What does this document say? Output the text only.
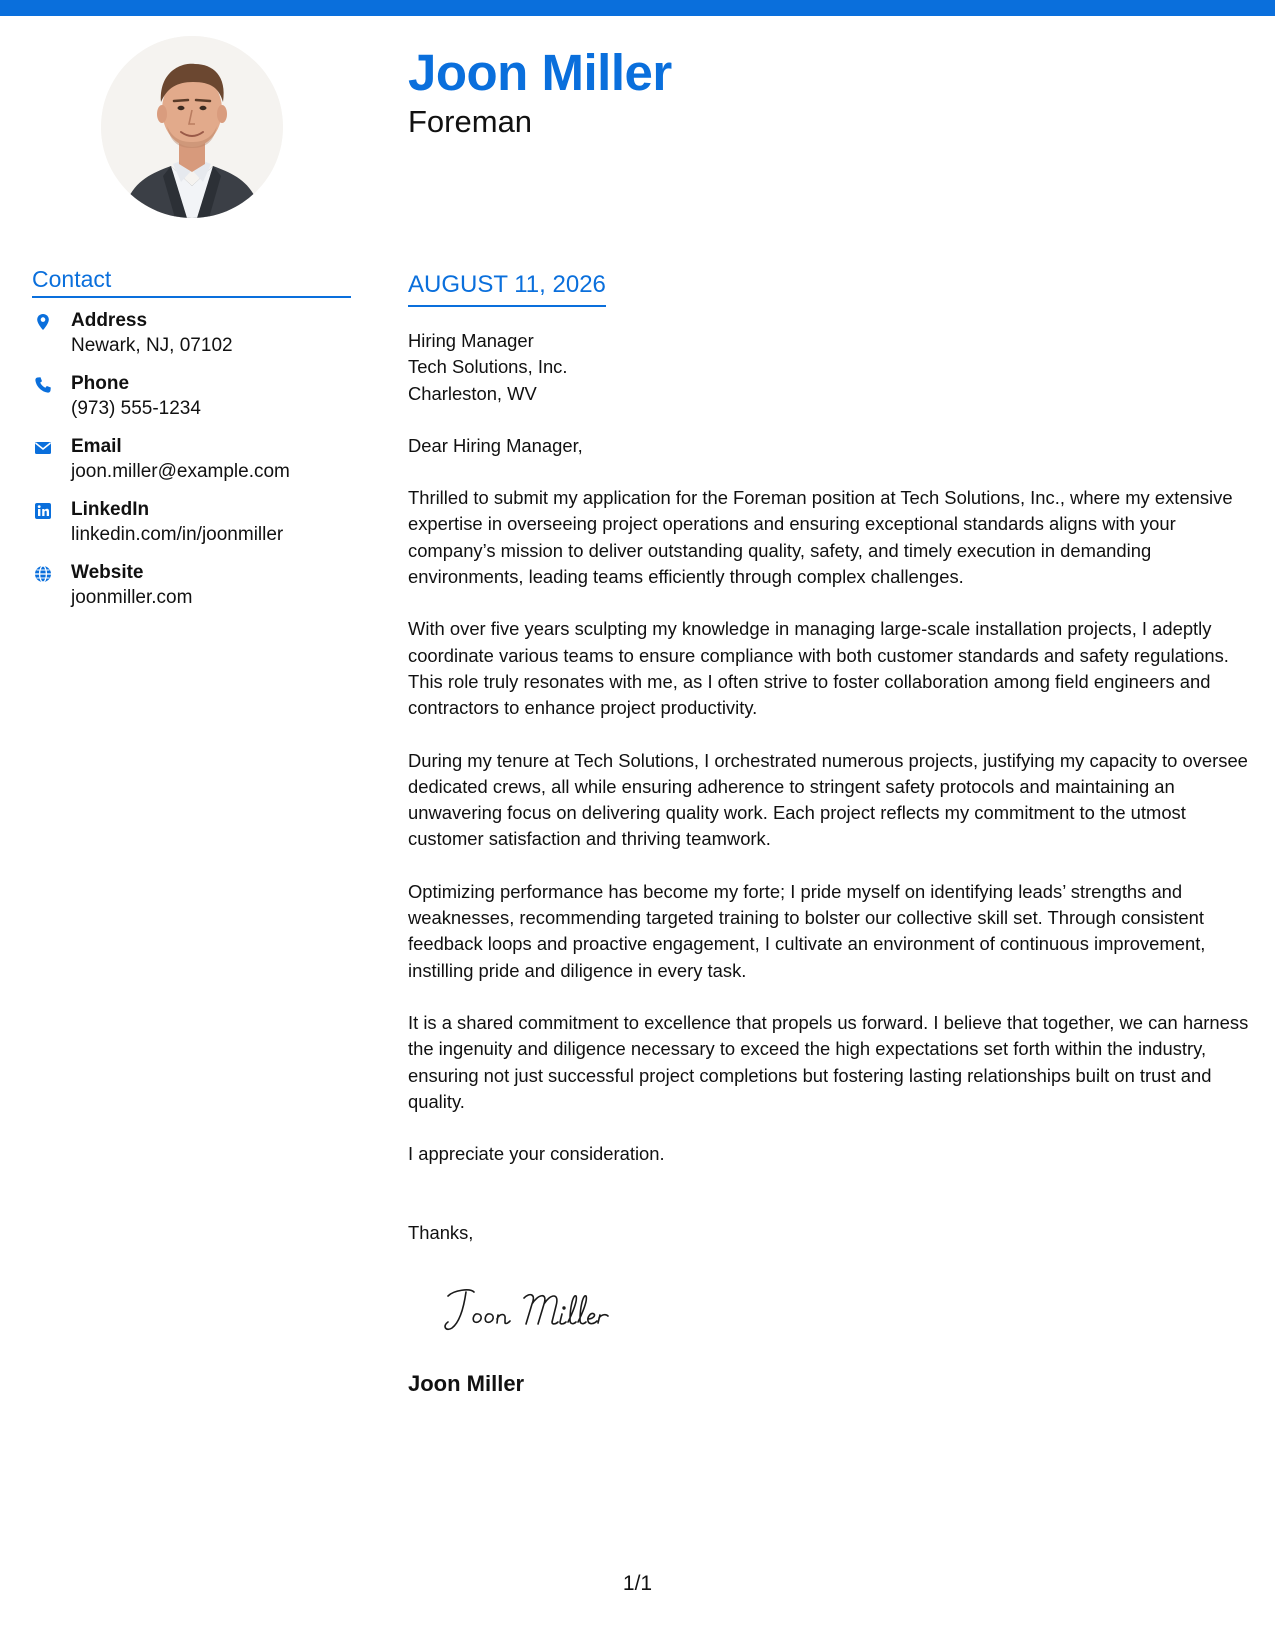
Joon Miller
Foreman
Contact
Address
Newark, NJ, 07102
Phone
(973) 555-1234
Email
joon.miller@example.com
LinkedIn
linkedin.com/in/joonmiller
Website
joonmiller.com
AUGUST 11, 2026
Hiring Manager
Tech Solutions, Inc.
Charleston, WV

Dear Hiring Manager,

Thrilled to submit my application for the Foreman position at Tech Solutions, Inc., where my extensive expertise in overseeing project operations and ensuring exceptional standards aligns with your company’s mission to deliver outstanding quality, safety, and timely execution in demanding environments, leading teams efficiently through complex challenges.

With over five years sculpting my knowledge in managing large-scale installation projects, I adeptly coordinate various teams to ensure compliance with both customer standards and safety regulations. This role truly resonates with me, as I often strive to foster collaboration among field engineers and contractors to enhance project productivity.

During my tenure at Tech Solutions, I orchestrated numerous projects, justifying my capacity to oversee dedicated crews, all while ensuring adherence to stringent safety protocols and maintaining an unwavering focus on delivering quality work. Each project reflects my commitment to the utmost customer satisfaction and thriving teamwork.

Optimizing performance has become my forte; I pride myself on identifying leads’ strengths and weaknesses, recommending targeted training to bolster our collective skill set. Through consistent feedback loops and proactive engagement, I cultivate an environment of continuous improvement, instilling pride and diligence in every task.

It is a shared commitment to excellence that propels us forward. I believe that together, we can harness the ingenuity and diligence necessary to exceed the high expectations set forth within the industry, ensuring not just successful project completions but fostering lasting relationships built on trust and quality.

I appreciate your consideration.

Thanks,

Joon Miller
1/1
